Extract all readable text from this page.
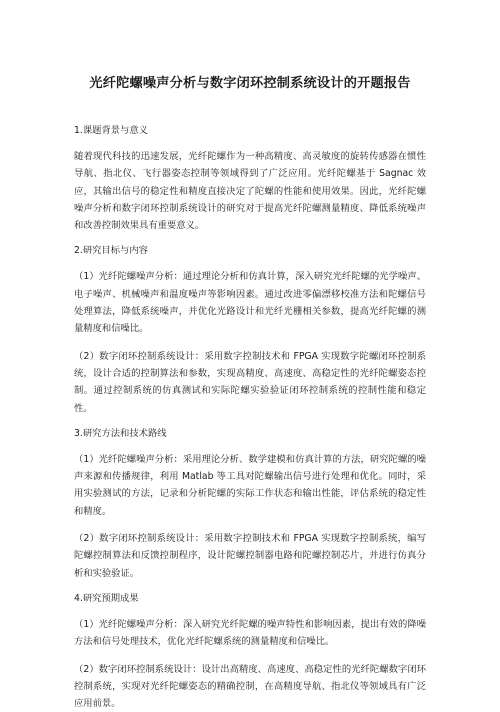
光纤陀螺噪声分析与数字闭环控制系统设计的开题报告
1.课题背景与意义

随着现代科技的迅速发展，光纤陀螺作为一种高精度、高灵敏度的旋转传感器在惯性导航、指北仪、飞行器姿态控制等领域得到了广泛应用。光纤陀螺基于 Sagnac 效应，其输出信号的稳定性和精度直接决定了陀螺的性能和使用效果。因此，光纤陀螺噪声分析和数字闭环控制系统设计的研究对于提高光纤陀螺测量精度、降低系统噪声和改善控制效果具有重要意义。

2.研究目标与内容

（1）光纤陀螺噪声分析：通过理论分析和仿真计算，深入研究光纤陀螺的光学噪声、电子噪声、机械噪声和温度噪声等影响因素。通过改进零偏漂移校准方法和陀螺信号处理算法，降低系统噪声，并优化光路设计和光纤光栅相关参数，提高光纤陀螺的测量精度和信噪比。

（2）数字闭环控制系统设计：采用数字控制技术和 FPGA 实现数字陀螺闭环控制系统，设计合适的控制算法和参数，实现高精度、高速度、高稳定性的光纤陀螺姿态控制。通过控制系统的仿真测试和实际陀螺实验验证闭环控制系统的控制性能和稳定性。

3.研究方法和技术路线

（1）光纤陀螺噪声分析：采用理论分析、数学建模和仿真计算的方法，研究陀螺的噪声来源和传播规律，利用 Matlab 等工具对陀螺输出信号进行处理和优化。同时，采用实验测试的方法，记录和分析陀螺的实际工作状态和输出性能，评估系统的稳定性和精度。

（2）数字闭环控制系统设计：采用数字控制技术和 FPGA 实现数字控制系统，编写陀螺控制算法和反馈控制程序，设计陀螺控制器电路和陀螺控制芯片，并进行仿真分析和实验验证。

4.研究预期成果

（1）光纤陀螺噪声分析：深入研究光纤陀螺的噪声特性和影响因素，提出有效的降噪方法和信号处理技术，优化光纤陀螺系统的测量精度和信噪比。

（2）数字闭环控制系统设计：设计出高精度、高速度、高稳定性的光纤陀螺数字闭环控制系统，实现对光纤陀螺姿态的精确控制，在高精度导航、指北仪等领域具有广泛应用前景。
